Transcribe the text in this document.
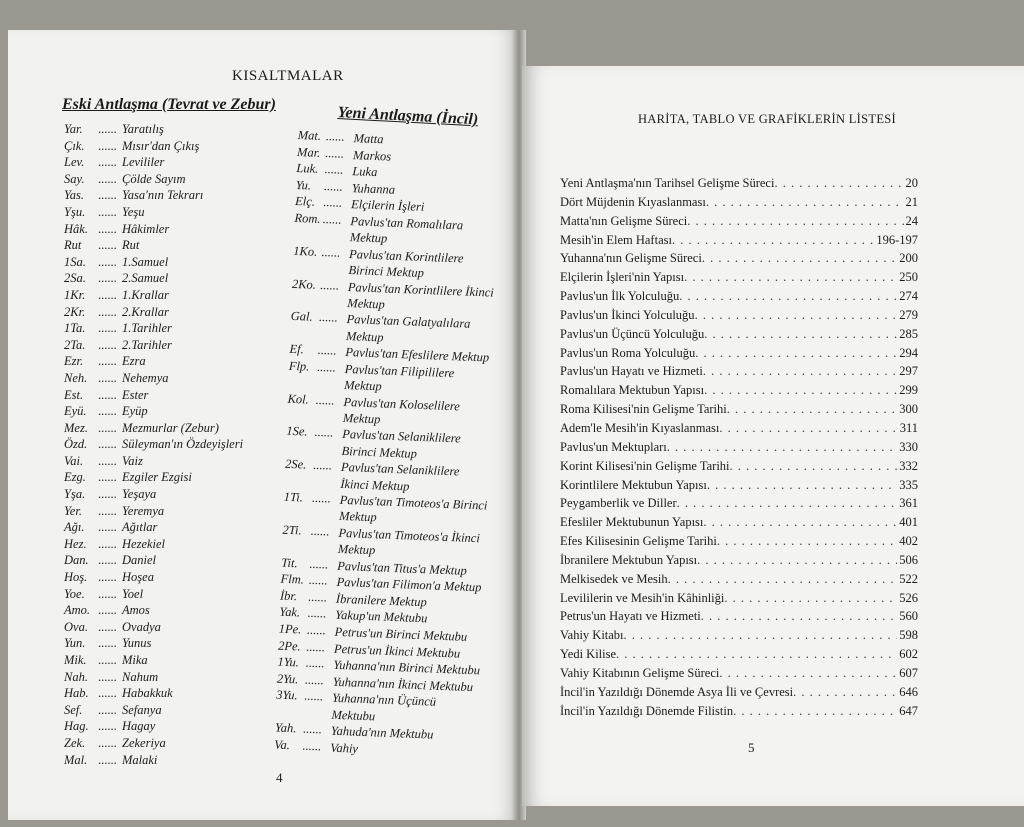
KISALTMALAR
Eski Antlaşma (Tevrat ve Zebur)
Yar. ...... Yaratılış
Çık. ...... Mısır'dan Çıkış
Lev. ...... Levililer
Say. ...... Çölde Sayım
Yas. ...... Yasa'nın Tekrarı
Yşu. ...... Yeşu
Hâk. ...... Hâkimler
Rut ...... Rut
1Sa. ...... 1.Samuel
2Sa. ...... 2.Samuel
1Kr. ...... 1.Krallar
2Kr. ...... 2.Krallar
1Ta. ...... 1.Tarihler
2Ta. ...... 2.Tarihler
Ezr. ...... Ezra
Neh. ...... Nehemya
Est. ...... Ester
Eyü. ...... Eyüp
Mez. ...... Mezmurlar (Zebur)
Özd. ...... Süleyman'ın Özdeyişleri
Vai. ...... Vaiz
Ezg. ...... Ezgiler Ezgisi
Yşa. ...... Yeşaya
Yer. ...... Yeremya
Ağı. ...... Ağıtlar
Hez. ...... Hezekiel
Dan. ...... Daniel
Hoş. ...... Hoşea
Yoe. ...... Yoel
Amo. ...... Amos
Ova. ...... Ovadya
Yun. ...... Yunus
Mik. ...... Mika
Nah. ...... Nahum
Hab. ...... Habakkuk
Sef. ...... Sefanya
Hag. ...... Hagay
Zek. ...... Zekeriya
Mal. ...... Malaki
Yeni Antlaşma (İncil)
Mat. ...... Matta
Mar. ...... Markos
Luk. ...... Luka
Yu. ...... Yuhanna
Elç. ...... Elçilerin İşleri
Rom. ...... Pavlus'tan Romalılara Mektup
1Ko. ...... Pavlus'tan Korintlilere Birinci Mektup
2Ko. ...... Pavlus'tan Korintlilere İkinci Mektup
Gal. ...... Pavlus'tan Galatyalılara Mektup
Ef. ...... Pavlus'tan Efeslilere Mektup
Flp. ...... Pavlus'tan Filipililere Mektup
Kol. ...... Pavlus'tan Koloselilere Mektup
1Se. ...... Pavlus'tan Selaniklilere Birinci Mektup
2Se. ...... Pavlus'tan Selaniklilere İkinci Mektup
1Ti. ...... Pavlus'tan Timoteos'a Birinci Mektup
2Ti. ...... Pavlus'tan Timoteos'a İkinci Mektup
Tit. ...... Pavlus'tan Titus'a Mektup
Flm. ...... Pavlus'tan Filimon'a Mektup
İbr. ...... İbranilere Mektup
Yak. ...... Yakup'un Mektubu
1Pe. ...... Petrus'un Birinci Mektubu
2Pe. ...... Petrus'un İkinci Mektubu
1Yu. ...... Yuhanna'nın Birinci Mektubu
2Yu. ...... Yuhanna'nın İkinci Mektubu
3Yu. ...... Yuhanna'nın Üçüncü Mektubu
Yah. ...... Yahuda'nın Mektubu
Va. ...... Vahiy
4
HARİTA, TABLO VE GRAFİKLERİN LİSTESİ
Yeni Antlaşma'nın Tarihsel Gelişme Süreci . . .	20
Dört Müjdenin Kıyaslanması . . .	21
Matta'nın Gelişme Süreci . . .	24
Mesih'in Elem Haftası . . .	196-197
Yuhanna'nın Gelişme Süreci . . .	200
Elçilerin İşleri'nin Yapısı . . .	250
Pavlus'un İlk Yolculuğu . . .	274
Pavlus'un İkinci Yolculuğu . . .	279
Pavlus'un Üçüncü Yolculuğu . . .	285
Pavlus'un Roma Yolculuğu . . .	294
Pavlus'un Hayatı ve Hizmeti . . .	297
Romalılara Mektubun Yapısı . . .	299
Roma Kilisesi'nin Gelişme Tarihi . . .	300
Adem'le Mesih'in Kıyaslanması . . .	311
Pavlus'un Mektupları . . .	330
Korint Kilisesi'nin Gelişme Tarihi . . .	332
Korintlilere Mektubun Yapısı . . .	335
Peygamberlik ve Diller . . .	361
Efesliler Mektubunun Yapısı . . .	401
Efes Kilisesinin Gelişme Tarihi . . .	402
İbranilere Mektubun Yapısı . . .	506
Melkisedek ve Mesih . . .	522
Levililerin ve Mesih'in Kâhinliği . . .	526
Petrus'un Hayatı ve Hizmeti . . .	560
Vahiy Kitabı . . .	598
Yedi Kilise . . .	602
Vahiy Kitabının Gelişme Süreci . . .	607
İncil'in Yazıldığı Dönemde Asya İli ve Çevresi . . .	646
İncil'in Yazıldığı Dönemde Filistin . . .	647
5
